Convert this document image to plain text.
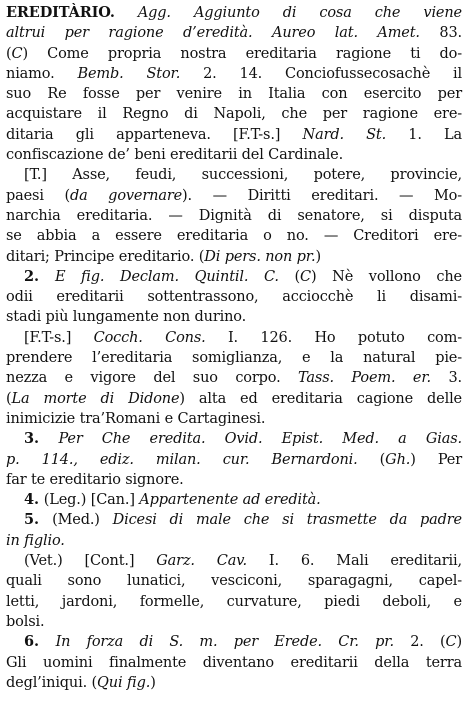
EREDITÀRIO. Agg. Aggiunto di cosa che viene
altrui per ragione d’eredità. Aureo lat. Amet. 83.
(C) Come propria nostra ereditaria ragione ti do-
niamo. Bemb. Stor. 2. 14. Conciofussecosachè il
suo Re fosse per venire in Italia con esercito per
acquistare il Regno di Napoli, che per ragione ere-
ditaria gli apparteneva. [F.T-s.] Nard. St. 1. La
confiscazione de’ beni ereditarii del Cardinale.
[T.] Asse, feudi, successioni, potere, provincie,
paesi (da governare). — Diritti ereditari. — Mo-
narchia ereditaria. — Dignità di senatore, si disputa
se abbia a essere ereditaria o no. — Creditori ere-
ditari; Principe ereditario. (Di pers. non pr.)
2. E fig. Declam. Quintil. C. (C) Nè vollono che
odii ereditarii sottentrassono, acciocchè li disami-
stadi più lungamente non durino.
[F.T-s.] Cocch. Cons. I. 126. Ho potuto com-
prendere l’ereditaria somiglianza, e la natural pie-
nezza e vigore del suo corpo. Tass. Poem. er. 3.
(La morte di Didone) alta ed ereditaria cagione delle
inimicizie tra’Romani e Cartaginesi.
3. Per Che eredita. Ovid. Epist. Med. a Gias.
p. 114., ediz. milan. cur. Bernardoni. (Gh.) Per
far te ereditario signore.
4. (Leg.) [Can.] Appartenente ad eredità.
5. (Med.) Dicesi di male che si trasmette da padre
in figlio.
(Vet.) [Cont.] Garz. Cav. I. 6. Mali ereditarii,
quali sono lunatici, vesciconi, sparagagni, capel-
letti, jardoni, formelle, curvature, piedi deboli, e
bolsi.
6. In forza di S. m. per Erede. Cr. pr. 2. (C)
Gli uomini finalmente diventano ereditarii della terra
degl’iniqui. (Qui fig.)
